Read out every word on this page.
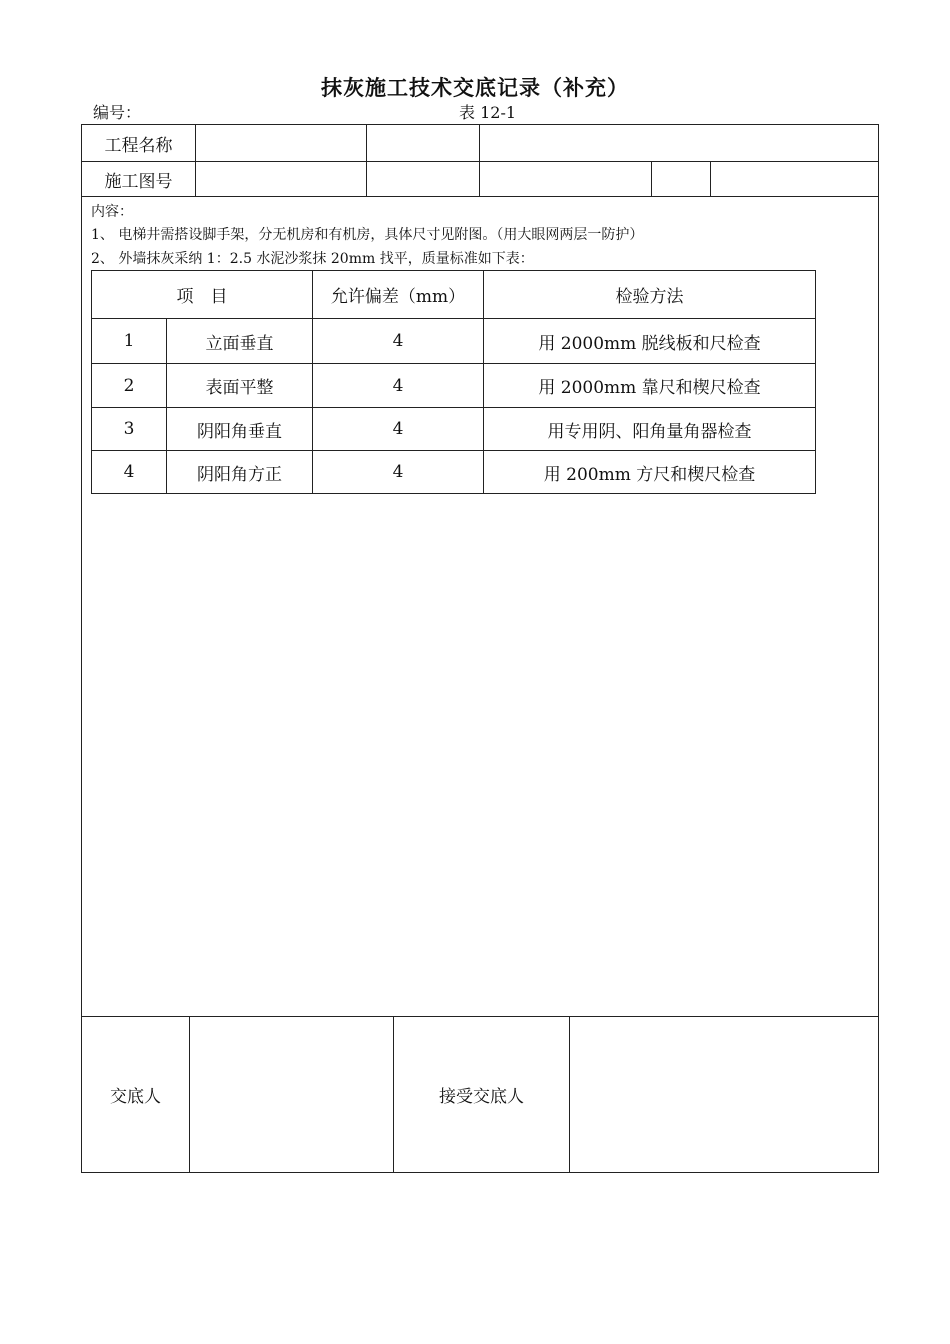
抹灰施工技术交底记录（补充）
编号：	表 12-1
工程名称
施工图号
内容：
1、 电梯井需搭设脚手架，分无机房和有机房，具体尺寸见附图。（用大眼网两层一防护）
2、 外墙抹灰采纳 1：2.5 水泥沙浆抹 20mm 找平，质量标准如下表：
项　目		允许偏差（mm）	检验方法
1	立面垂直	4	用 2000mm 脱线板和尺检查
2	表面平整	4	用 2000mm 靠尺和楔尺检查
3	阴阳角垂直	4	用专用阴、阳角量角器检查
4	阴阳角方正	4	用 200mm 方尺和楔尺检查
交底人	接受交底人
